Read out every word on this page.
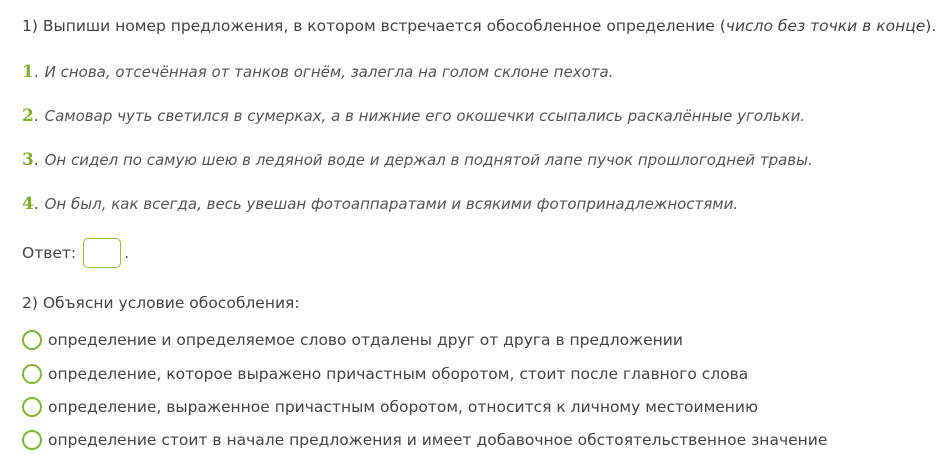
1) Выпиши номер предложения, в котором встречается обособленное определение (число без точки в конце).
1 . И снова, отсечённая от танков огнём, залегла на голом склоне пехота.
2 . Самовар чуть светился в сумерках, а в нижние его окошечки ссыпались раскалённые угольки.
3 . Он сидел по самую шею в ледяной воде и держал в поднятой лапе пучок прошлогодней травы.
4 . Он был, как всегда, весь увешан фотоаппаратами и всякими фотопринадлежностями.
Ответ:	.
2) Объясни условие обособления:
определение и определяемое слово отдалены друг от друга в предложении
определение, которое выражено причастным оборотом, стоит после главного слова
определение, выраженное причастным оборотом, относится к личному местоимению
определение стоит в начале предложения и имеет добавочное обстоятельственное значение
